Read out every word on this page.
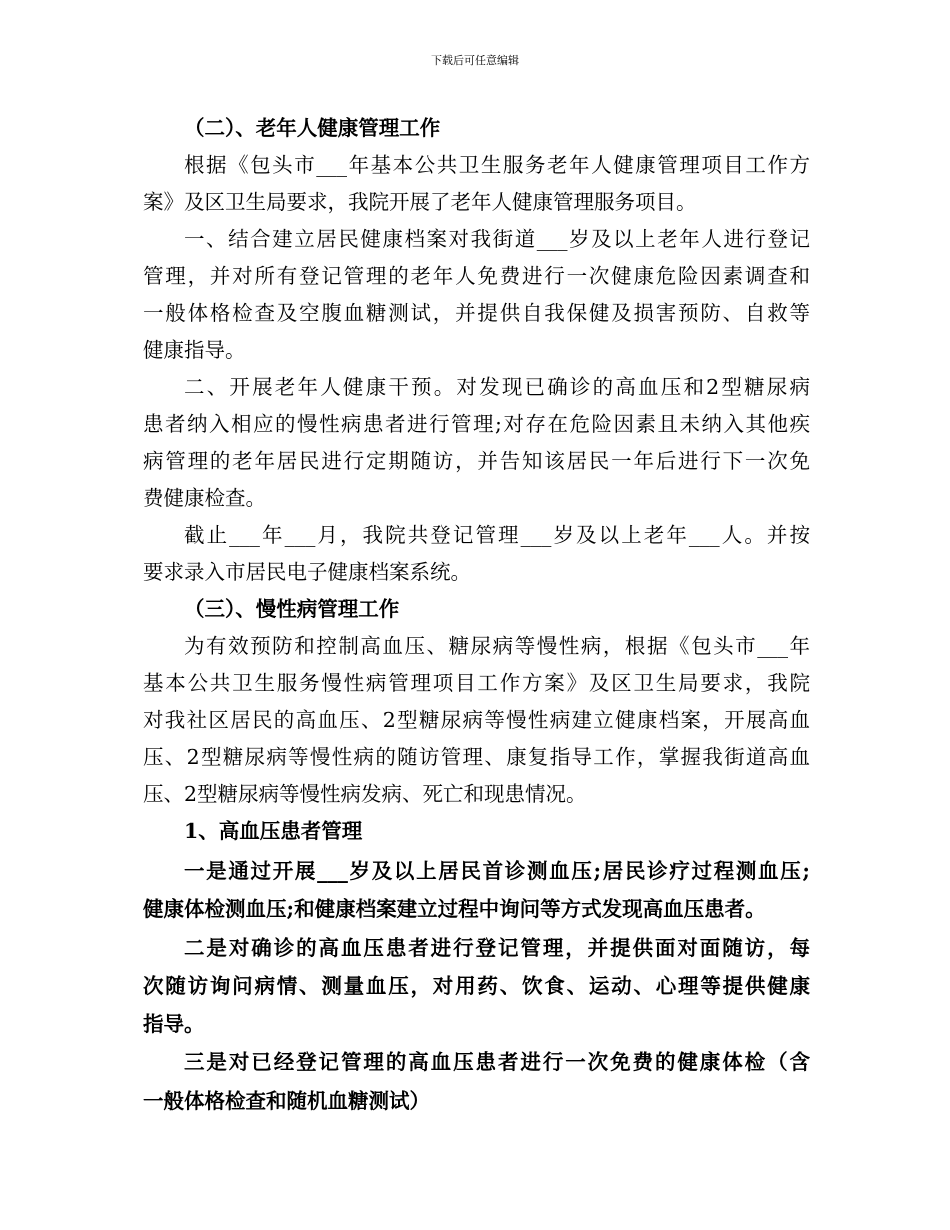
下载后可任意编辑
（二）、老年人健康管理工作
根据《包头市___年基本公共卫生服务老年人健康管理项目工作方
案》及区卫生局要求，我院开展了老年人健康管理服务项目。
一、结合建立居民健康档案对我街道___岁及以上老年人进行登记
管理，并对所有登记管理的老年人免费进行一次健康危险因素调查和
一般体格检查及空腹血糖测试，并提供自我保健及损害预防、自救等
健康指导。
二、开展老年人健康干预。对发现已确诊的高血压和2型糖尿病
患者纳入相应的慢性病患者进行管理;对存在危险因素且未纳入其他疾
病管理的老年居民进行定期随访，并告知该居民一年后进行下一次免
费健康检查。
截止___年___月，我院共登记管理___岁及以上老年___人。并按
要求录入市居民电子健康档案系统。
（三）、慢性病管理工作
为有效预防和控制高血压、糖尿病等慢性病，根据《包头市___年
基本公共卫生服务慢性病管理项目工作方案》及区卫生局要求，我院
对我社区居民的高血压、2型糖尿病等慢性病建立健康档案，开展高血
压、2型糖尿病等慢性病的随访管理、康复指导工作，掌握我街道高血
压、2型糖尿病等慢性病发病、死亡和现患情况。
1、高血压患者管理
一是通过开展___岁及以上居民首诊测血压;居民诊疗过程测血压;
健康体检测血压;和健康档案建立过程中询问等方式发现高血压患者。
二是对确诊的高血压患者进行登记管理，并提供面对面随访，每
次随访询问病情、测量血压，对用药、饮食、运动、心理等提供健康
指导。
三是对已经登记管理的高血压患者进行一次免费的健康体检（含
一般体格检查和随机血糖测试）
